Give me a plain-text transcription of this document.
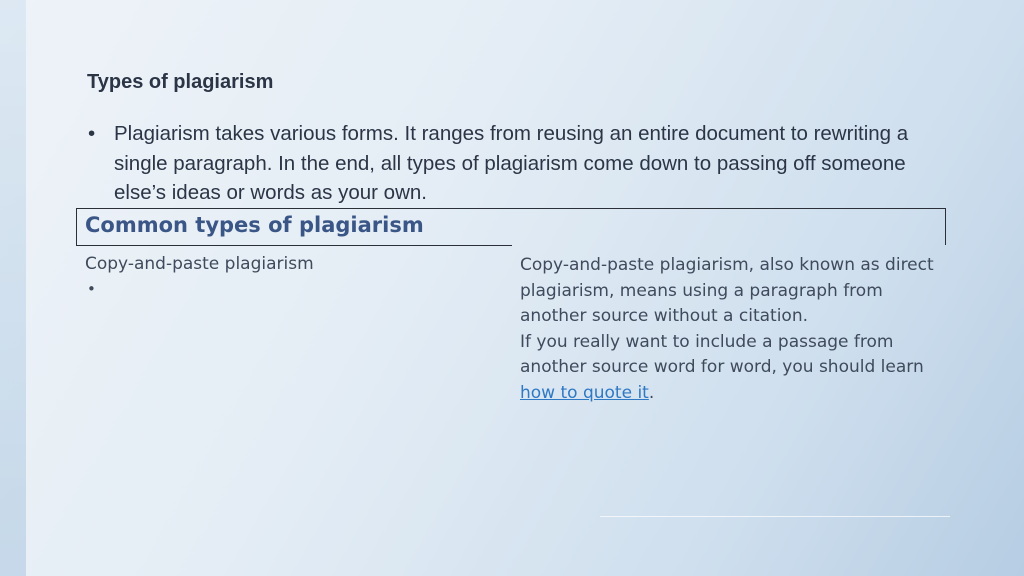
Types of plagiarism
• Plagiarism takes various forms. It ranges from reusing an entire document to rewriting a single paragraph. In the end, all types of plagiarism come down to passing off someone else’s ideas or words as your own.
Common types of plagiarism
Copy-and-paste plagiarism
•

Copy-and-paste plagiarism, also known as direct plagiarism, means using a paragraph from another source without a citation.

If you really want to include a passage from another source word for word, you should learn how to quote it.
